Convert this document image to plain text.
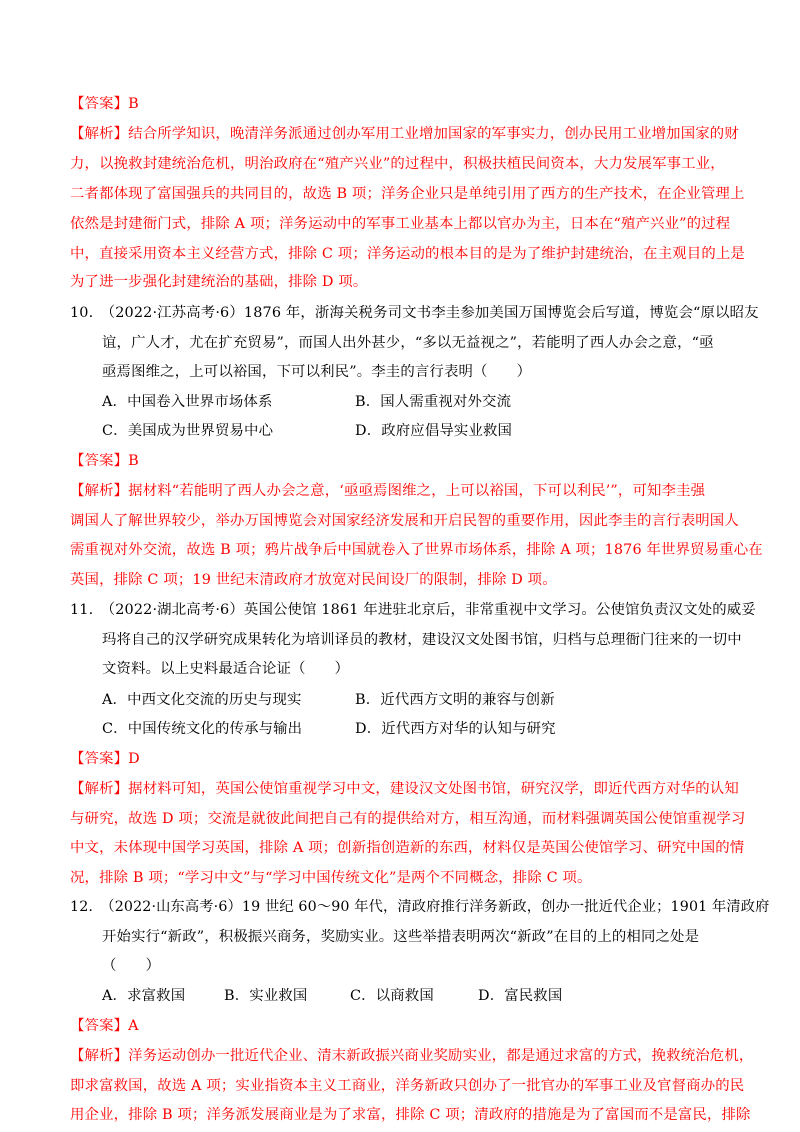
【答案】B
【解析】结合所学知识，晚清洋务派通过创办军用工业增加国家的军事实力，创办民用工业增加国家的财
力，以挽救封建统治危机，明治政府在“殖产兴业”的过程中，积极扶植民间资本，大力发展军事工业，
二者都体现了富国强兵的共同目的，故选 B 项；洋务企业只是单纯引用了西方的生产技术，在企业管理上
依然是封建衙门式，排除 A 项；洋务运动中的军事工业基本上都以官办为主，日本在“殖产兴业”的过程
中，直接采用资本主义经营方式，排除 C 项；洋务运动的根本目的是为了维护封建统治，在主观目的上是
为了进一步强化封建统治的基础，排除 D 项。
10.　（2022·江苏高考·6）1876 年，浙海关税务司文书李圭参加美国万国博览会后写道，博览会“原以昭友
谊，广人才，尤在扩充贸易”，而国人出外甚少，“多以无益视之”，若能明了西人办会之意，“亟
亟焉图维之，上可以裕国，下可以利民”。李圭的言行表明（　　）
A．中国卷入世界市场体系	B．国人需重视对外交流
C．美国成为世界贸易中心	D．政府应倡导实业救国
【答案】B
【解析】据材料“若能明了西人办会之意，‘亟亟焉图维之，上可以裕国，下可以利民’”，可知李圭强
调国人了解世界较少，举办万国博览会对国家经济发展和开启民智的重要作用，因此李圭的言行表明国人
需重视对外交流，故选 B 项；鸦片战争后中国就卷入了世界市场体系，排除 A 项；1876 年世界贸易重心在
英国，排除 C 项；19 世纪末清政府才放宽对民间设厂的限制，排除 D 项。
11.　（2022·湖北高考·6）英国公使馆 1861 年进驻北京后，非常重视中文学习。公使馆负责汉文处的威妥
玛将自己的汉学研究成果转化为培训译员的教材，建设汉文处图书馆，归档与总理衙门往来的一切中
文资料。以上史料最适合论证（　　）
A．中西文化交流的历史与现实	B．近代西方文明的兼容与创新
C．中国传统文化的传承与输出	D．近代西方对华的认知与研究
【答案】D
【解析】据材料可知，英国公使馆重视学习中文，建设汉文处图书馆，研究汉学，即近代西方对华的认知
与研究，故选 D 项；交流是就彼此间把自己有的提供给对方，相互沟通，而材料强调英国公使馆重视学习
中文，未体现中国学习英国，排除 A 项；创新指创造新的东西，材料仅是英国公使馆学习、研究中国的情
况，排除 B 项；“学习中文”与“学习中国传统文化”是两个不同概念，排除 C 项。
12.　（2022·山东高考·6）19 世纪 60～90 年代，清政府推行洋务新政，创办一批近代企业；1901 年清政府
开始实行“新政”，积极振兴商务，奖励实业。这些举措表明两次“新政”在目的上的相同之处是
（　　）
A．求富救国	B．实业救国	C．以商救国	D．富民救国
【答案】A
【解析】洋务运动创办一批近代企业、清末新政振兴商业奖励实业，都是通过求富的方式，挽救统治危机，
即求富救国，故选 A 项；实业指资本主义工商业，洋务新政只创办了一批官办的军事工业及官督商办的民
用企业，排除 B 项；洋务派发展商业是为了求富，排除 C 项；清政府的措施是为了富国而不是富民，排除
